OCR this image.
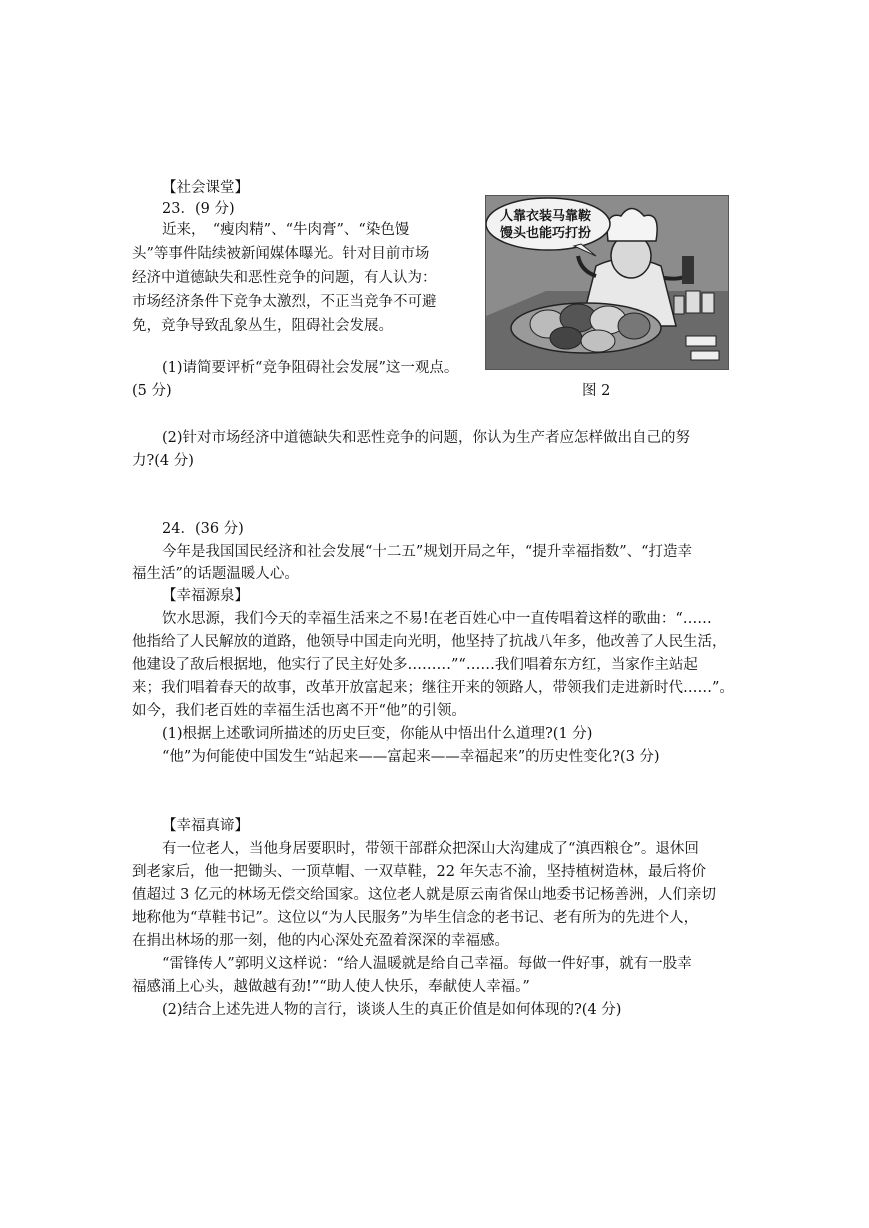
【社会课堂】
23．(9 分)
近来，　“瘦肉精”、“牛肉膏”、“染色馒
头”等事件陆续被新闻媒体曝光。针对目前市场
经济中道德缺失和恶性竞争的问题，有人认为：
市场经济条件下竞争太激烈，不正当竞争不可避
免，竞争导致乱象丛生，阻碍社会发展。
(1)请简要评析“竞争阻碍社会发展”这一观点。
(5 分)
人靠衣装马靠鞍
馒头也能巧打扮
图 2
(2)针对市场经济中道德缺失和恶性竞争的问题，你认为生产者应怎样做出自己的努
力?(4 分)
24．(36 分)
今年是我国国民经济和社会发展“十二五”规划开局之年，“提升幸福指数”、“打造幸
福生活”的话题温暖人心。
【幸福源泉】
饮水思源，我们今天的幸福生活来之不易!在老百姓心中一直传唱着这样的歌曲：“……
他指给了人民解放的道路，他领导中国走向光明，他坚持了抗战八年多，他改善了人民生活，
他建设了敌后根据地，他实行了民主好处多………”“……我们唱着东方红，当家作主站起
来；我们唱着春天的故事，改革开放富起来；继往开来的领路人，带领我们走进新时代……”。
如今，我们老百姓的幸福生活也离不开“他”的引领。
(1)根据上述歌词所描述的历史巨变，你能从中悟出什么道理?(1 分)
“他”为何能使中国发生“站起来——富起来——幸福起来”的历史性变化?(3 分)
【幸福真谛】
有一位老人，当他身居要职时，带领干部群众把深山大沟建成了“滇西粮仓”。退休回
到老家后，他一把锄头、一顶草帽、一双草鞋，22 年矢志不渝，坚持植树造林，最后将价
值超过 3 亿元的林场无偿交给国家。这位老人就是原云南省保山地委书记杨善洲，人们亲切
地称他为“草鞋书记”。这位以“为人民服务”为毕生信念的老书记、老有所为的先进个人，
在捐出林场的那一刻，他的内心深处充盈着深深的幸福感。
“雷锋传人”郭明义这样说：“给人温暖就是给自己幸福。每做一件好事，就有一股幸
福感涌上心头，越做越有劲!”“助人使人快乐，奉献使人幸福。”
(2)结合上述先进人物的言行，谈谈人生的真正价值是如何体现的?(4 分)
